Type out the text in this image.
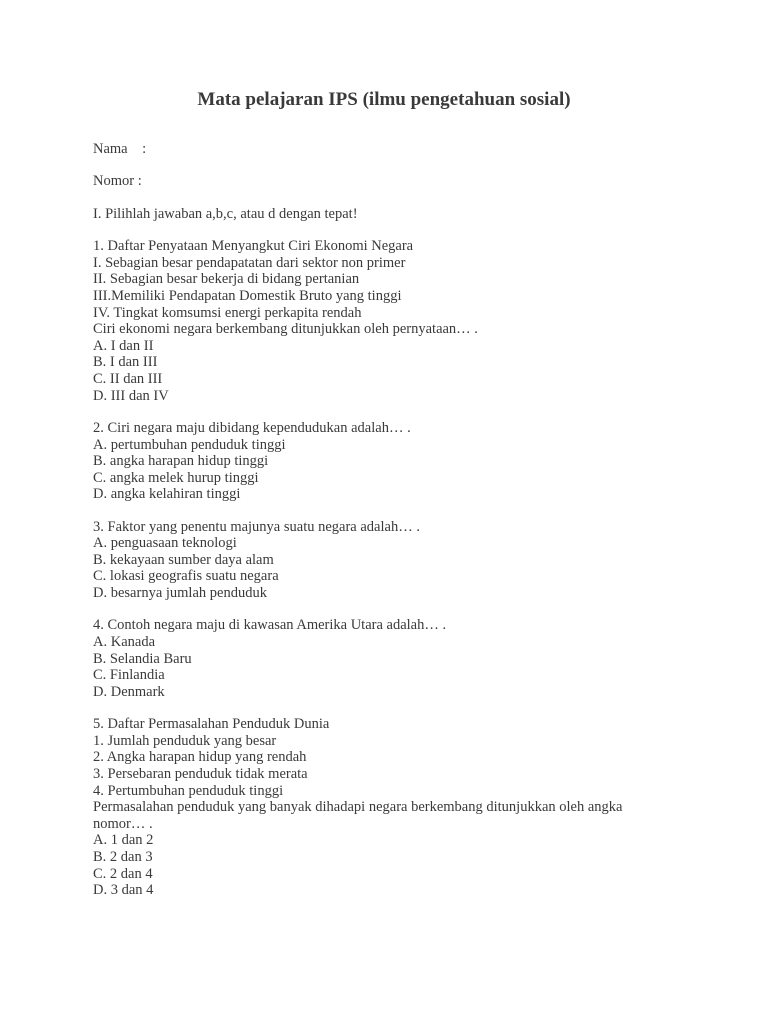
Mata pelajaran IPS (ilmu pengetahuan sosial)
Nama    :
Nomor :
I. Pilihlah jawaban a,b,c, atau d dengan tepat!
1. Daftar Penyataan Menyangkut Ciri Ekonomi Negara
I. Sebagian besar pendapatatan dari sektor non primer
II. Sebagian besar bekerja di bidang pertanian
III.Memiliki Pendapatan Domestik Bruto yang tinggi
IV. Tingkat komsumsi energi perkapita rendah
Ciri ekonomi negara berkembang ditunjukkan oleh pernyataan… .
A. I dan II
B. I dan III
C. II dan III
D. III dan IV
2. Ciri negara maju dibidang kependudukan adalah… .
A. pertumbuhan penduduk tinggi
B. angka harapan hidup tinggi
C. angka melek hurup tinggi
D. angka kelahiran tinggi
3. Faktor yang penentu majunya suatu negara adalah… .
A. penguasaan teknologi
B. kekayaan sumber daya alam
C. lokasi geografis suatu negara
D. besarnya jumlah penduduk
4. Contoh negara maju di kawasan Amerika Utara adalah… .
A. Kanada
B. Selandia Baru
C. Finlandia
D. Denmark
5. Daftar Permasalahan Penduduk Dunia
1. Jumlah penduduk yang besar
2. Angka harapan hidup yang rendah
3. Persebaran penduduk tidak merata
4. Pertumbuhan penduduk tinggi
Permasalahan penduduk yang banyak dihadapi negara berkembang ditunjukkan oleh angka
nomor… .
A. 1 dan 2
B. 2 dan 3
C. 2 dan 4
D. 3 dan 4
